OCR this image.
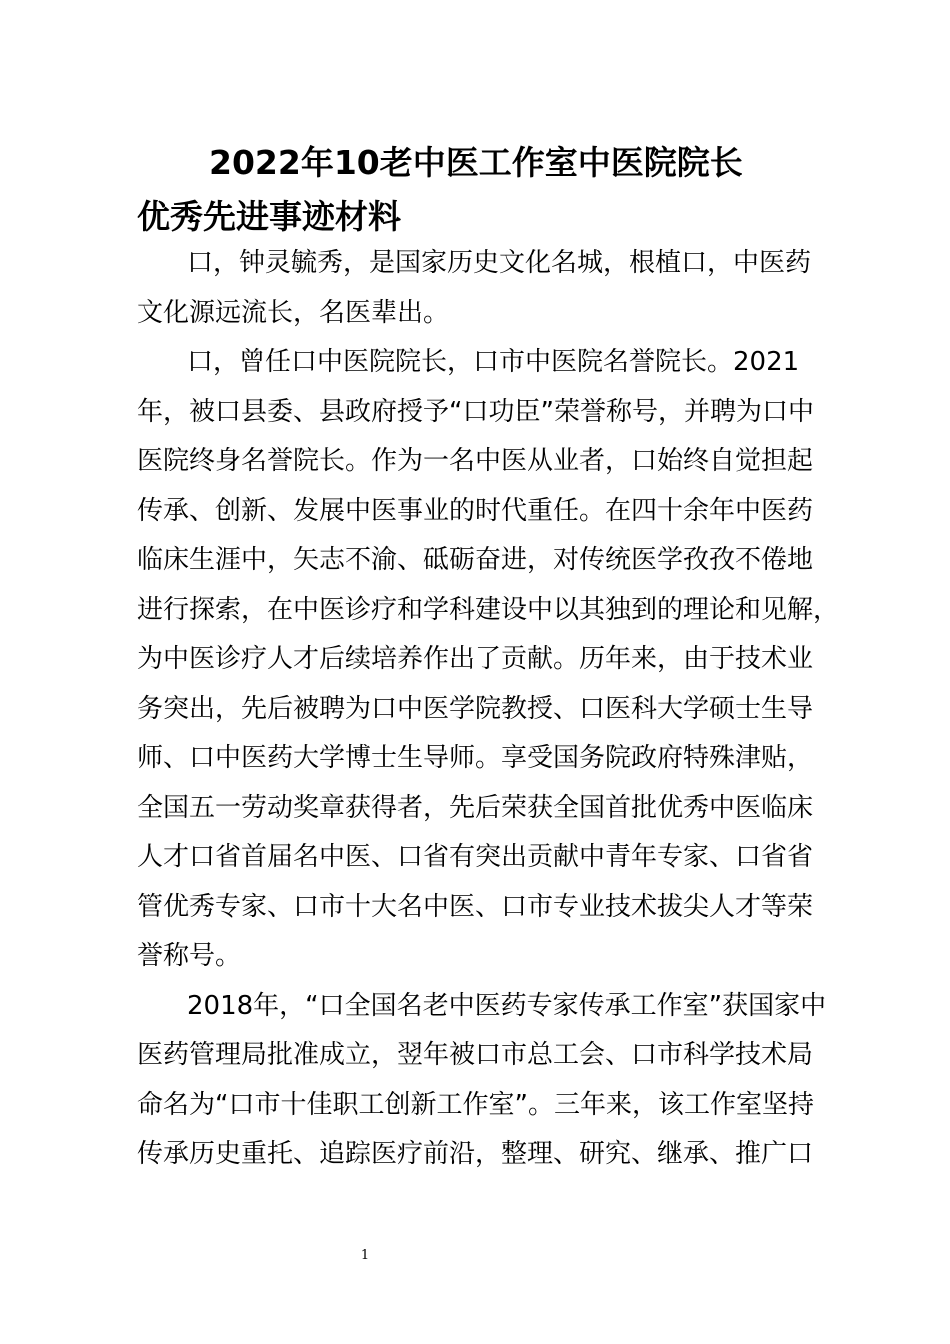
2022年10老中医工作室中医院院长
优秀先进事迹材料
口，钟灵毓秀，是国家历史文化名城，根植口，中医药
文化源远流长，名医辈出。
口，曾任口中医院院长，口市中医院名誉院长。2021
年，被口县委、县政府授予“口功臣”荣誉称号，并聘为口中
医院终身名誉院长。作为一名中医从业者，口始终自觉担起
传承、创新、发展中医事业的时代重任。在四十余年中医药
临床生涯中，矢志不渝、砥砺奋进，对传统医学孜孜不倦地
进行探索，在中医诊疗和学科建设中以其独到的理论和见解，
为中医诊疗人才后续培养作出了贡献。历年来，由于技术业
务突出，先后被聘为口中医学院教授、口医科大学硕士生导
师、口中医药大学博士生导师。享受国务院政府特殊津贴，
全国五一劳动奖章获得者，先后荣获全国首批优秀中医临床
人才口省首届名中医、口省有突出贡献中青年专家、口省省
管优秀专家、口市十大名中医、口市专业技术拔尖人才等荣
誉称号。
2018年，“口全国名老中医药专家传承工作室”获国家中
医药管理局批准成立，翌年被口市总工会、口市科学技术局
命名为“口市十佳职工创新工作室”。三年来，该工作室坚持
传承历史重托、追踪医疗前沿，整理、研究、继承、推广口
1
